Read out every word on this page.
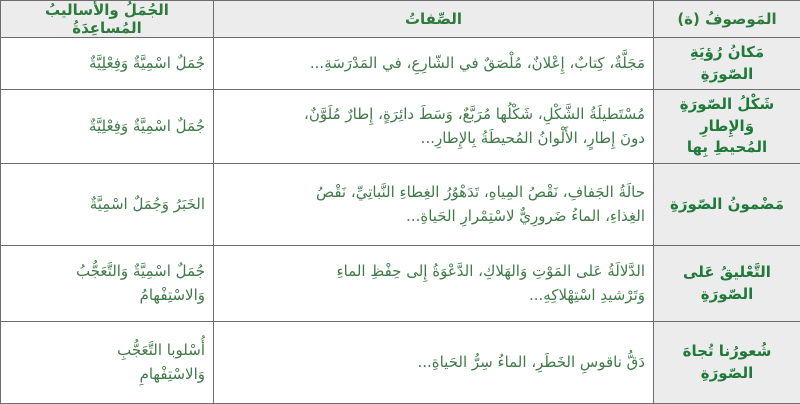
المَوصوفُ (ة)	الصِّفاتُ	الجُمَلُ والأساليبُ المُساعِدَةُ

مَكانُ رُؤيَةِ الصّورَةِ	مَجَلَّةٌ، كِتابٌ، إِعْلانٌ، مُلْصَقٌ في الشّارِعِ، في المَدْرَسَةِ...	جُمَلٌ اسْمِيَّةٌ وَفِعْلِيَّةٌ

شَكْلُ الصّورَةِ وَالإِطارِ
المُحيطِ بِها	مُسْتَطيلَةُ الشَّكْلِ، شَكْلُها مُرَبَّعٌ، وَسَطَ دائِرَةٍ، إِطارٌ مُلَوَّنٌ،
دونَ إِطارٍ، الأَلْوانُ المُحيطَةُ بِالإِطارِ...	جُمَلٌ اسْمِيَّةٌ وَفِعْلِيَّةٌ

مَضْمونُ الصّورَةِ	حالَةُ الجَفافِ، نَقْصُ المِياهِ، تَدَهْوُرُ الغِطاءِ النَّباتِيِّ، نَقْصُ
الغِذاءِ، الماءُ ضَرورِيٌّ لاسْتِمْرارِ الحَياةِ...	الخَبَرُ وَجُمَلٌ اسْمِيَّةٌ

التَّعْليقُ عَلى
الصّورَةِ	الدَّلالَةُ عَلى المَوْتِ وَالهَلاكِ، الدَّعْوَةُ إِلى حِفْظِ الماءِ
وَتَرْشيدِ اسْتِهْلاكِهِ...	جُمَلٌ اسْمِيَّةٌ وَالتَّعَجُّبُ
وَالاسْتِفْهامُ

شُعورُنا تُجاهَ الصّورَةِ	دَقُّ ناقوسِ الخَطَرِ، الماءُ سِرُّ الحَياةِ...	أُسْلوبا التَّعَجُّبِ
وَالاسْتِفْهامِ
